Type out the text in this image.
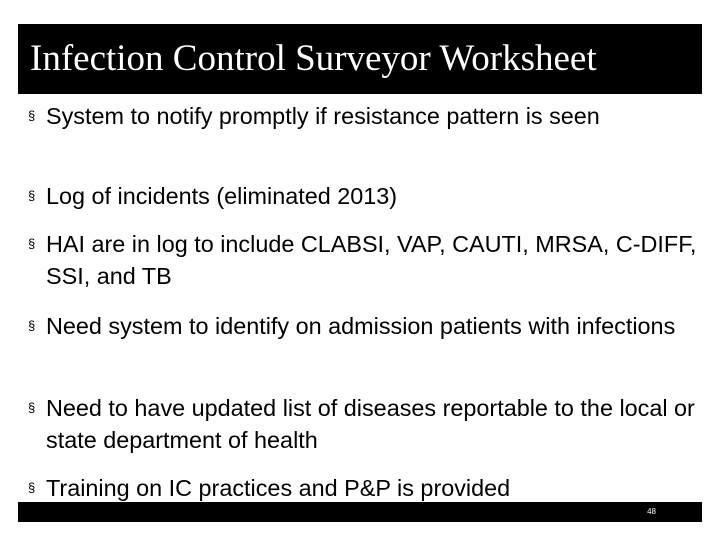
Infection Control Surveyor Worksheet
§ System to notify promptly if resistance pattern is seen
§ Log of incidents (eliminated 2013)
§ HAI are in log to include CLABSI, VAP, CAUTI, MRSA, C-DIFF, SSI, and TB
§ Need system to identify on admission patients with infections
§ Need to have updated list of diseases reportable to the local or state department of health
§ Training on IC practices and P&P is provided
48
